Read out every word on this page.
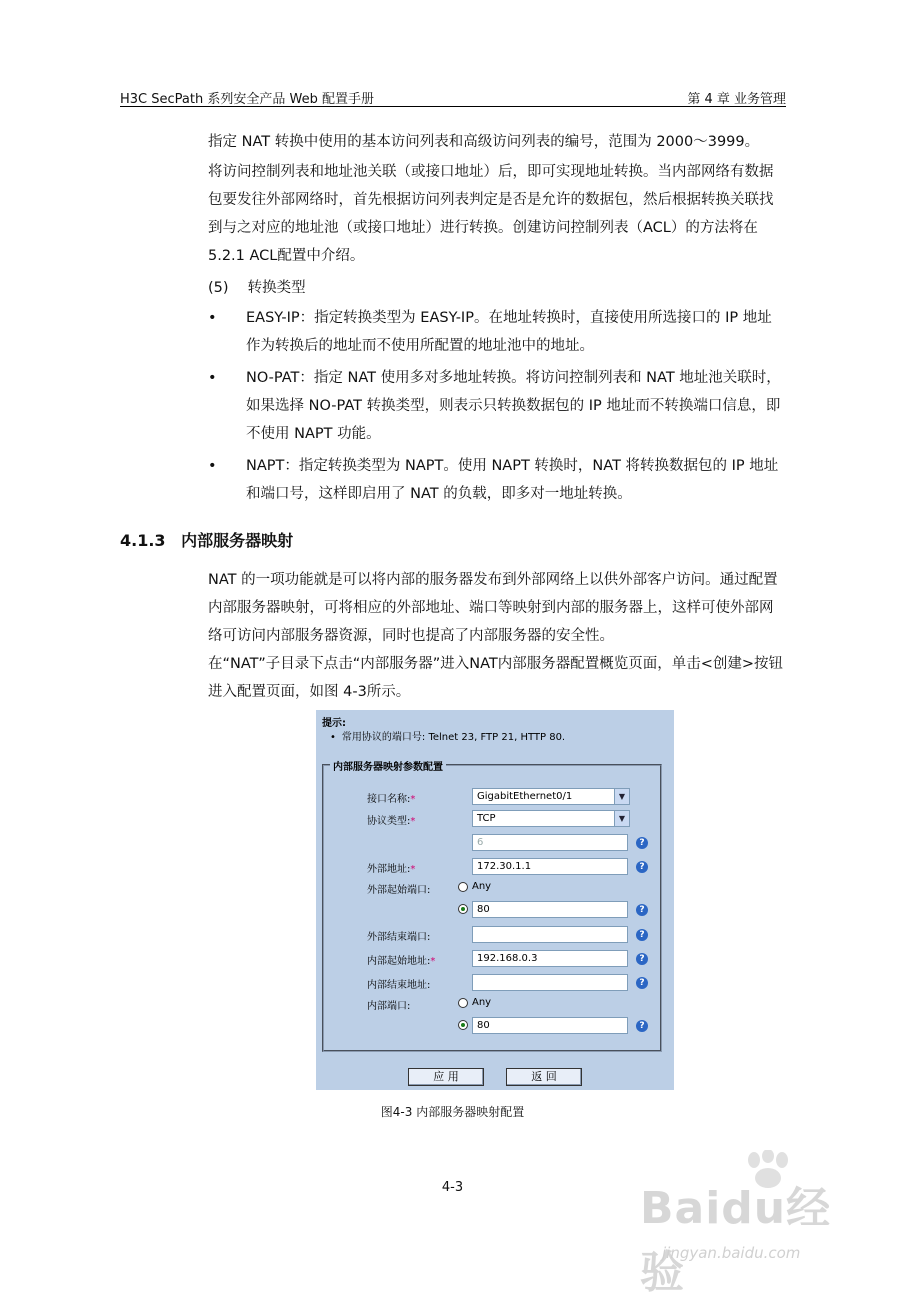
H3C SecPath 系列安全产品 Web 配置手册	第 4 章 业务管理

指定 NAT 转换中使用的基本访问列表和高级访问列表的编号，范围为 2000～3999。

将访问控制列表和地址池关联（或接口地址）后，即可实现地址转换。当内部网络有数据包要发往外部网络时，首先根据访问列表判定是否是允许的数据包，然后根据转换关联找到与之对应的地址池（或接口地址）进行转换。创建访问控制列表（ACL）的方法将在5.2.1 ACL配置中介绍。

(5)　 转换类型
• EASY-IP：指定转换类型为 EASY-IP。在地址转换时，直接使用所选接口的 IP 地址作为转换后的地址而不使用所配置的地址池中的地址。
• NO-PAT：指定 NAT 使用多对多地址转换。将访问控制列表和 NAT 地址池关联时，如果选择 NO-PAT 转换类型，则表示只转换数据包的 IP 地址而不转换端口信息，即不使用 NAPT 功能。
• NAPT：指定转换类型为 NAPT。使用 NAPT 转换时，NAT 将转换数据包的 IP 地址和端口号，这样即启用了 NAT 的负载，即多对一地址转换。
4.1.3 内部服务器映射

NAT 的一项功能就是可以将内部的服务器发布到外部网络上以供外部客户访问。通过配置内部服务器映射，可将相应的外部地址、端口等映射到内部的服务器上，这样可使外部网络可访问内部服务器资源，同时也提高了内部服务器的安全性。

在“NAT”子目录下点击“内部服务器”进入NAT内部服务器配置概览页面，单击<创建>按钮进入配置页面，如图 4-3所示。

提示:
• 常用协议的端口号: Telnet 23, FTP 21, HTTP 80.
内部服务器映射参数配置
接口名称:*	GigabitEthernet0/1	▼
协议类型:*	TCP	▼
6	?
外部地址:*	172.30.1.1	?
外部起始端口:	Any
80	?
外部结束端口:	?
内部起始地址:*	192.168.0.3	?
内部结束地址:	?
内部端口:	Any
80	?
应 用	返 回
图4-3 内部服务器映射配置
4-3	Baidu经验
jingyan.baidu.com
